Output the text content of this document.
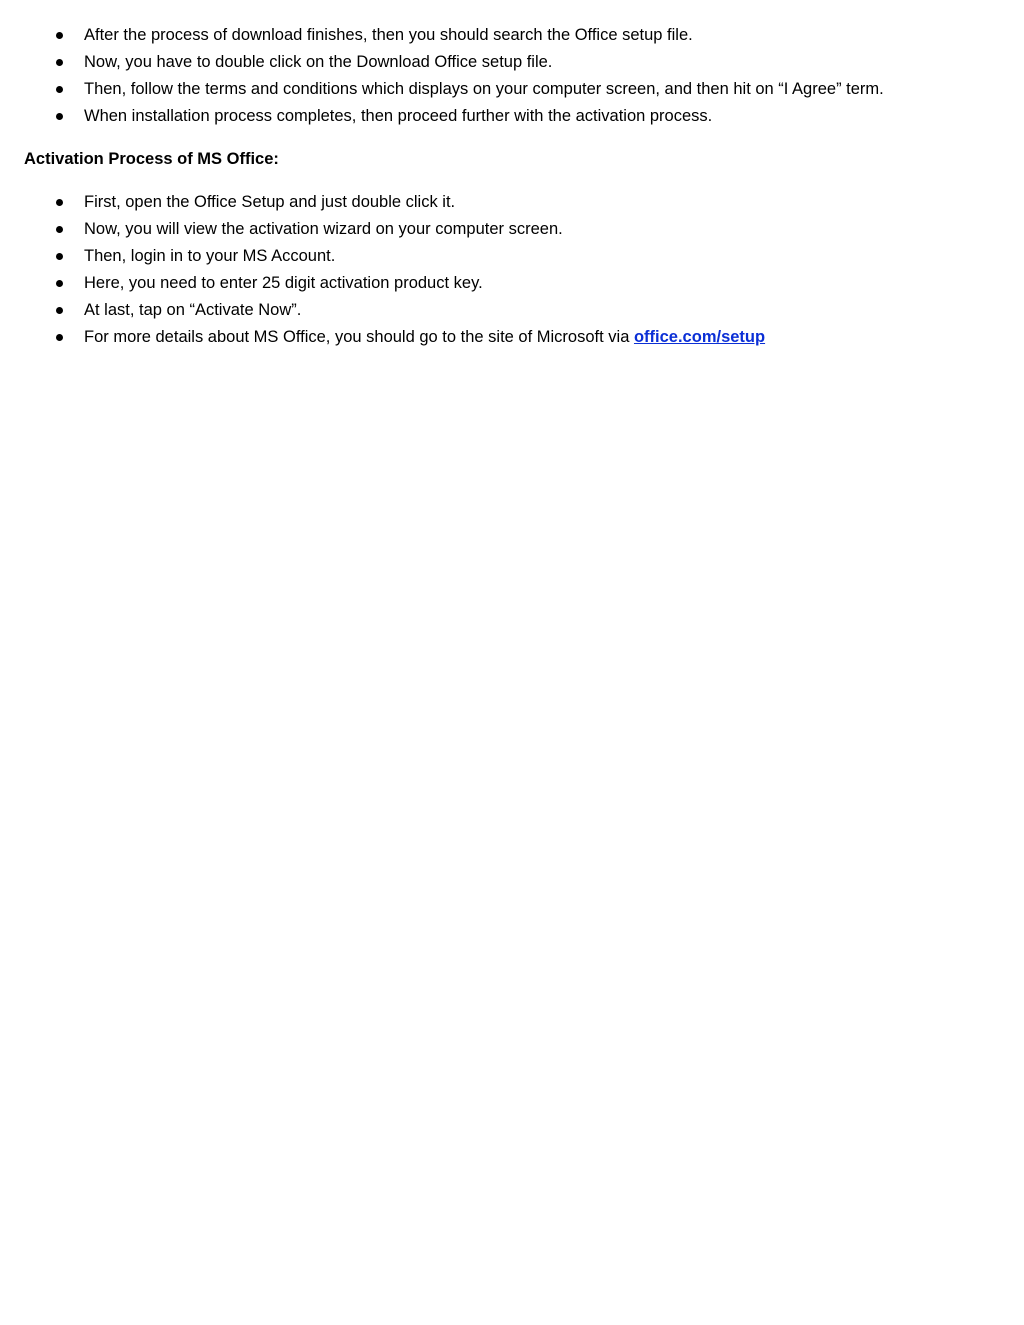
After the process of download finishes, then you should search the Office setup file.
Now, you have to double click on the Download Office setup file.
Then, follow the terms and conditions which displays on your computer screen, and then hit on “I Agree” term.
When installation process completes, then proceed further with the activation process.
Activation Process of MS Office:
First, open the Office Setup and just double click it.
Now, you will view the activation wizard on your computer screen.
Then, login in to your MS Account.
Here, you need to enter 25 digit activation product key.
At last, tap on “Activate Now”.
For more details about MS Office, you should go to the site of Microsoft via office.com/setup
